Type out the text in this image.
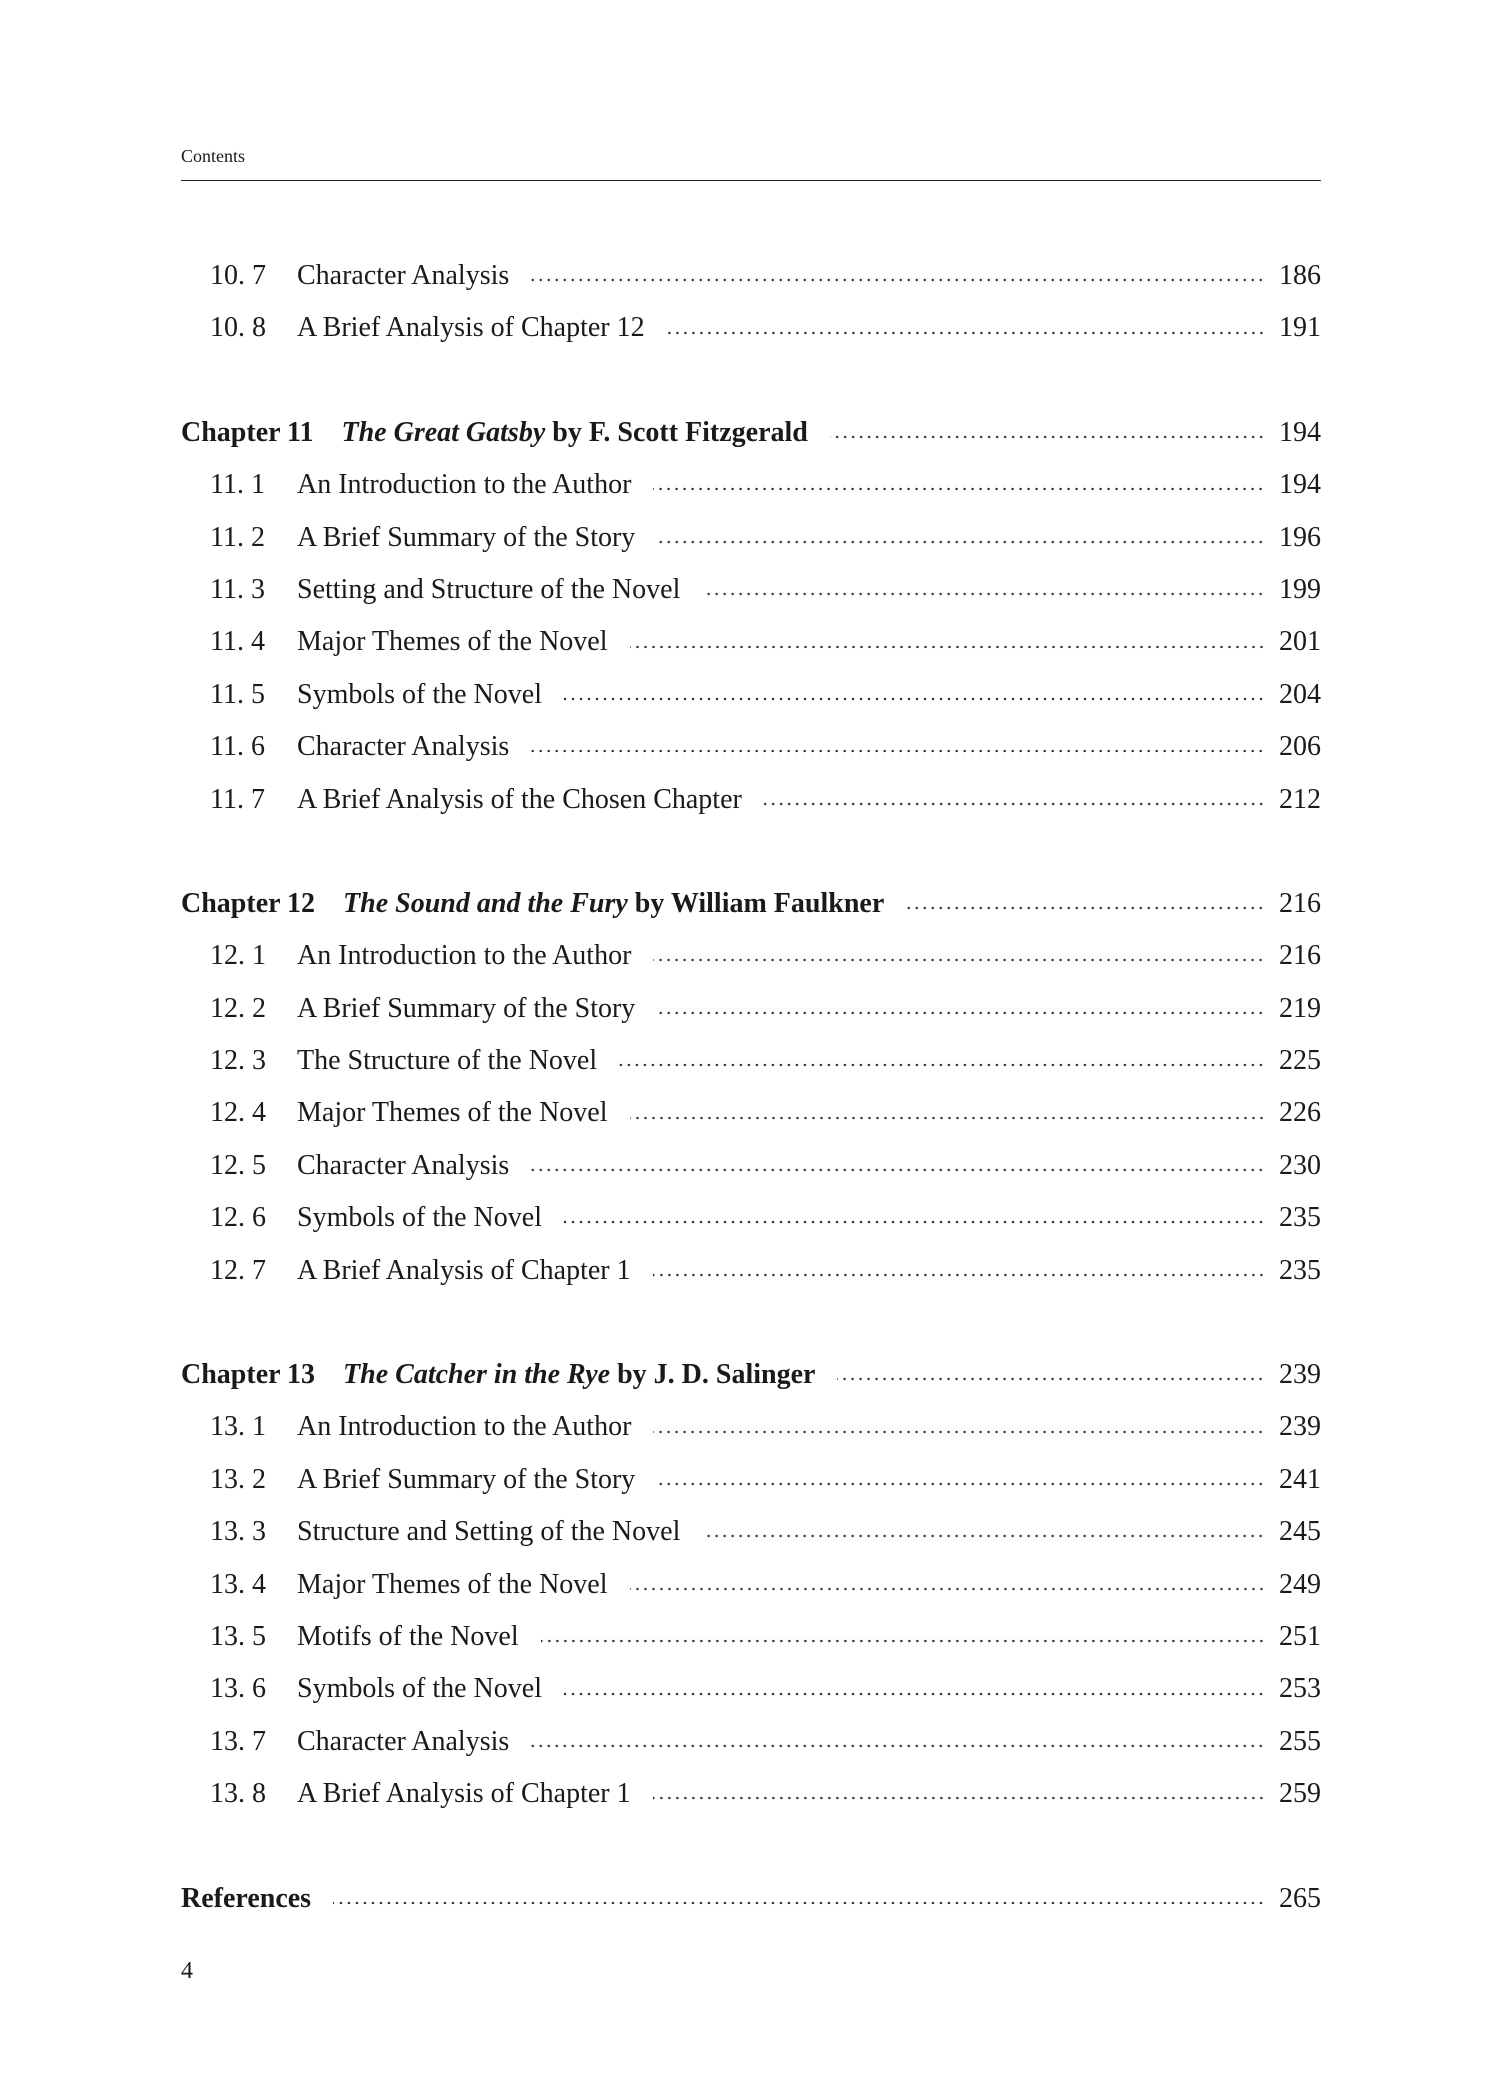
Contents
10. 7	Character Analysis	186
10. 8	A Brief Analysis of Chapter 12	191
Chapter 11 The Great Gatsby by F. Scott Fitzgerald	194
11. 1	An Introduction to the Author	194
11. 2	A Brief Summary of the Story	196
11. 3	Setting and Structure of the Novel	199
11. 4	Major Themes of the Novel	201
11. 5	Symbols of the Novel	204
11. 6	Character Analysis	206
11. 7	A Brief Analysis of the Chosen Chapter	212
Chapter 12 The Sound and the Fury by William Faulkner	216
12. 1	An Introduction to the Author	216
12. 2	A Brief Summary of the Story	219
12. 3	The Structure of the Novel	225
12. 4	Major Themes of the Novel	226
12. 5	Character Analysis	230
12. 6	Symbols of the Novel	235
12. 7	A Brief Analysis of Chapter 1	235
Chapter 13 The Catcher in the Rye by J. D. Salinger	239
13. 1	An Introduction to the Author	239
13. 2	A Brief Summary of the Story	241
13. 3	Structure and Setting of the Novel	245
13. 4	Major Themes of the Novel	249
13. 5	Motifs of the Novel	251
13. 6	Symbols of the Novel	253
13. 7	Character Analysis	255
13. 8	A Brief Analysis of Chapter 1	259
References	265
4
